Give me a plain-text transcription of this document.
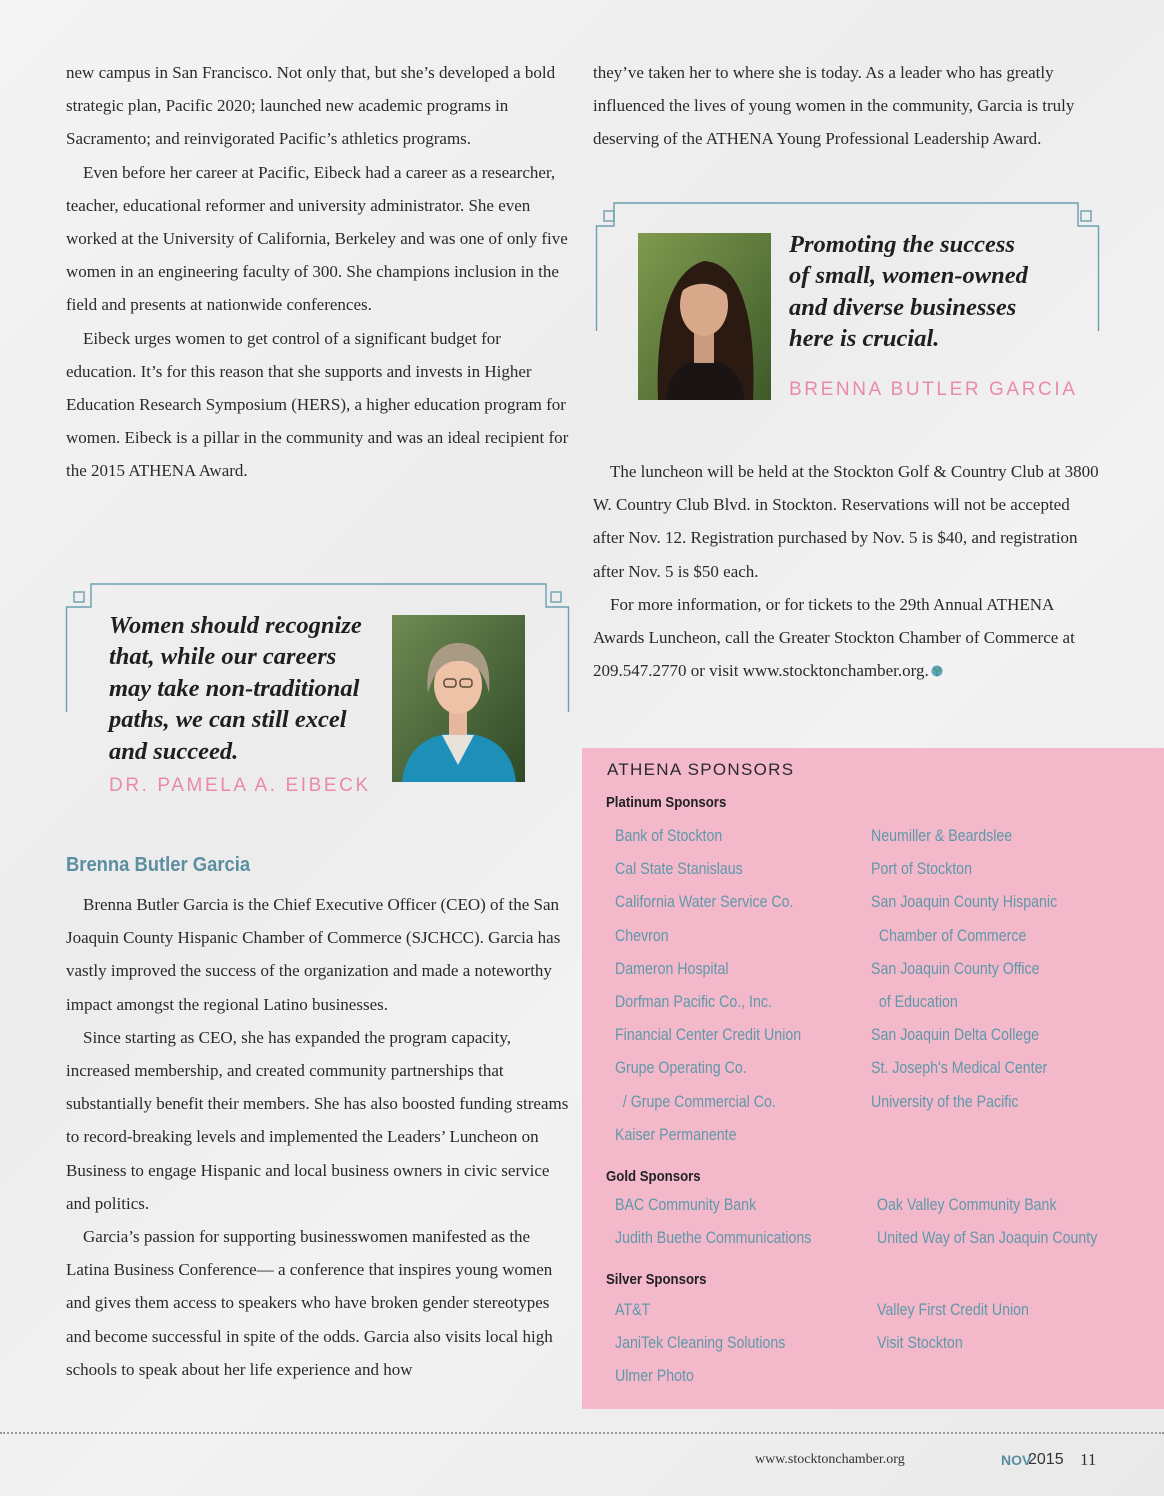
new campus in San Francisco. Not only that, but she’s developed a bold strategic plan, Pacific 2020; launched new academic programs in Sacramento; and reinvigorated Pacific’s athletics programs.

Even before her career at Pacific, Eibeck had a career as a researcher, teacher, educational reformer and university administrator. She even worked at the University of California, Berkeley and was one of only five women in an engineering faculty of 300. She champions inclusion in the field and presents at nationwide conferences.

Eibeck urges women to get control of a significant budget for education. It’s for this reason that she supports and invests in Higher Education Research Symposium (HERS), a higher education program for women. Eibeck is a pillar in the community and was an ideal recipient for the 2015 ATHENA Award.

they’ve taken her to where she is today. As a leader who has greatly influenced the lives of young women in the community, Garcia is truly deserving of the ATHENA Young Professional Leadership Award.

Promoting the success
of small, women-owned
and diverse businesses
here is crucial.
BRENNA BUTLER GARCIA

The luncheon will be held at the Stockton Golf & Country Club at 3800 W. Country Club Blvd. in Stockton. Reservations will not be accepted after Nov. 12. Registration purchased by Nov. 5 is $40, and registration after Nov. 5 is $50 each.

For more information, or for tickets to the 29th Annual ATHENA Awards Luncheon, call the Greater Stockton Chamber of Commerce at 209.547.2770 or visit www.stocktonchamber.org.

Women should recognize
that, while our careers
may take non-traditional
paths, we can still excel
and succeed.
DR. PAMELA A. EIBECK
Brenna Butler Garcia

Brenna Butler Garcia is the Chief Executive Officer (CEO) of the San Joaquin County Hispanic Chamber of Commerce (SJCHCC). Garcia has vastly improved the success of the organization and made a noteworthy impact amongst the regional Latino businesses.

Since starting as CEO, she has expanded the program capacity, increased membership, and created community partnerships that substantially benefit their members. She has also boosted funding streams to record-breaking levels and implemented the Leaders’ Luncheon on Business to engage Hispanic and local business owners in civic service and politics.

Garcia’s passion for supporting businesswomen manifested as the Latina Business Conference— a conference that inspires young women and gives them access to speakers who have broken gender stereotypes and become successful in spite of the odds. Garcia also visits local high schools to speak about her life experience and how

ATHENA SPONSORS
Platinum Sponsors
Bank of Stockton
Cal State Stanislaus
California Water Service Co.
Chevron
Dameron Hospital
Dorfman Pacific Co., Inc.
Financial Center Credit Union
Grupe Operating Co.
/ Grupe Commercial Co.
Kaiser Permanente
Neumiller & Beardslee
Port of Stockton
San Joaquin County Hispanic
Chamber of Commerce
San Joaquin County Office
of Education
San Joaquin Delta College
St. Joseph's Medical Center
University of the Pacific
Gold Sponsors
BAC Community Bank
Judith Buethe Communications
Oak Valley Community Bank
United Way of San Joaquin County
Silver Sponsors
AT&T
JaniTek Cleaning Solutions
Ulmer Photo
Valley First Credit Union
Visit Stockton
www.stocktonchamber.org	NOV
2015 11
